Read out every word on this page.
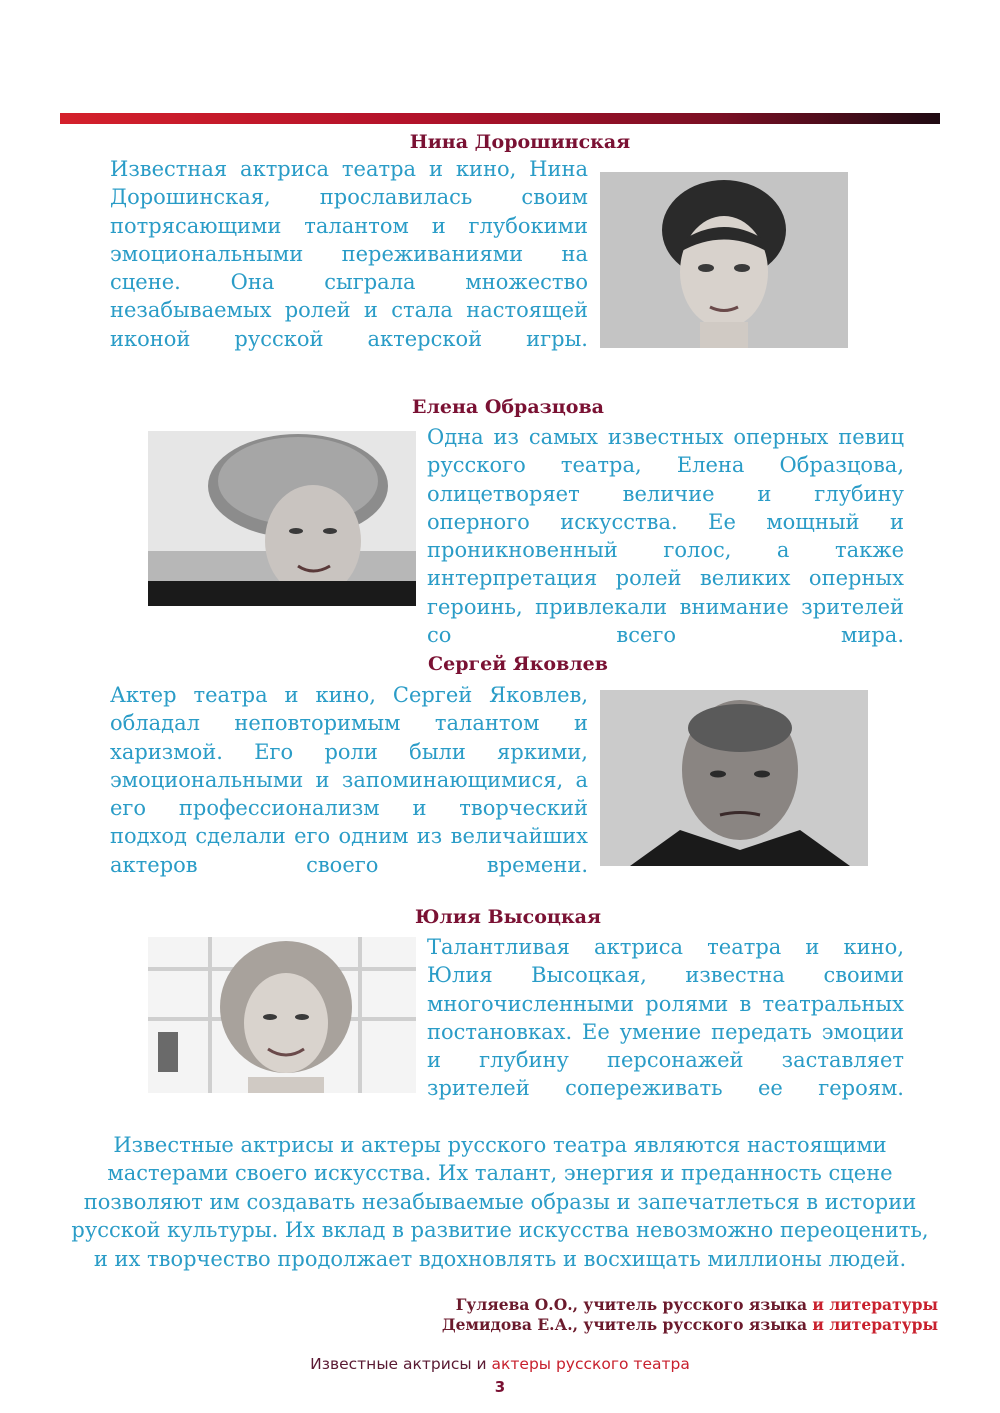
Нина Дорошинская
Известная актриса театра и кино, Нина Дорошинская, прославилась своим потрясающими талантом и глубокими эмоциональными переживаниями на сцене. Она сыграла множество незабываемых ролей и стала настоящей иконой русской актерской игры.
Елена Образцова
Одна из самых известных оперных певиц русского театра, Елена Образцова, олицетворяет величие и глубину оперного искусства. Ее мощный и проникновенный голос, а также интерпретация ролей великих оперных героинь, привлекали внимание зрителей со всего мира.
Сергей Яковлев
Актер театра и кино, Сергей Яковлев, обладал неповторимым талантом и харизмой. Его роли были яркими, эмоциональными и запоминающимися, а его профессионализм и творческий подход сделали его одним из величайших актеров своего времени.
Юлия Высоцкая
Талантливая актриса театра и кино, Юлия Высоцкая, известна своими многочисленными ролями в театральных постановках. Ее умение передать эмоции и глубину персонажей заставляет зрителей сопереживать ее героям.
Известные актрисы и актеры русского театра являются настоящими мастерами своего искусства. Их талант, энергия и преданность сцене позволяют им создавать незабываемые образы и запечатлеться в истории русской культуры. Их вклад в развитие искусства невозможно переоценить, и их творчество продолжает вдохновлять и восхищать миллионы людей.
Гуляева О.О., учитель русского языка и литературы
Демидова Е.А., учитель русского языка и литературы
Известные актрисы и актеры русского театра
3
